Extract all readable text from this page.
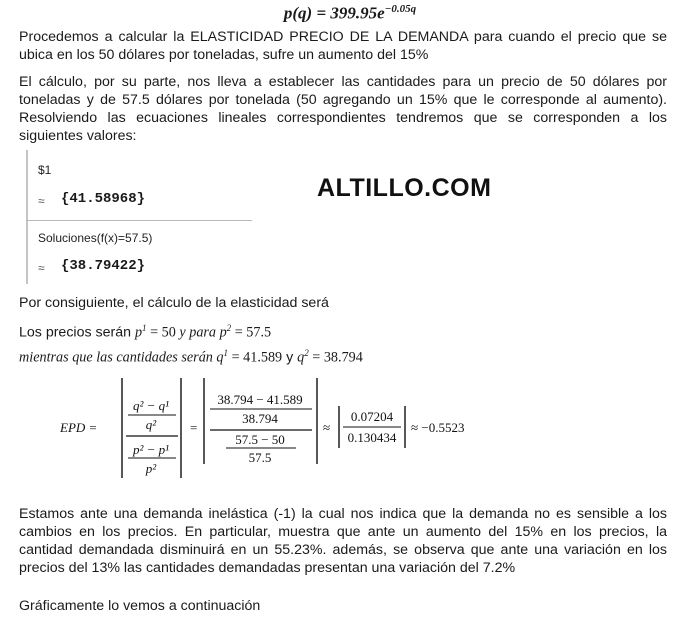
$p(q) = 399.95e^{-0.05q}$

Procedemos a calcular la ELASTICIDAD PRECIO DE LA DEMANDA para cuando el precio que se ubica en los 50 dólares por toneladas, sufre un aumento del 15%

El cálculo, por su parte, nos lleva a establecer las cantidades para un precio de 50 dólares por toneladas y de 57.5 dólares por tonelada (50 agregando un 15% que le corresponde al aumento). Resolviendo las ecuaciones lineales correspondientes tendremos que se corresponden a los siguientes valores:

$1
≈ {41.58968}
Soluciones(f(x)=57.5)
≈ {38.79422}
ALTILLO.COM
Por consiguiente, el cálculo de la elasticidad será
Los precios serán $p^1 = 50$ y para $p^2 = 57.5$
mientras que las cantidades serán $q^1 = 41.589$ y $q^2 = 38.794$
EPD =
q² − q¹
q²
p² − p¹
p²
=
38.794 − 41.589
38.794
57.5 − 50
57.5
≈
0.07204
0.130434
≈ −0.5523

Estamos ante una demanda inelástica (-1) la cual nos indica que la demanda no es sensible a los cambios en los precios. En particular, muestra que ante un aumento del 15% en los precios, la cantidad demandada disminuirá en un 55.23%. además, se observa que ante una variación en los precios del 13% las cantidades demandadas presentan una variación del 7.2%

Gráficamente lo vemos a continuación
